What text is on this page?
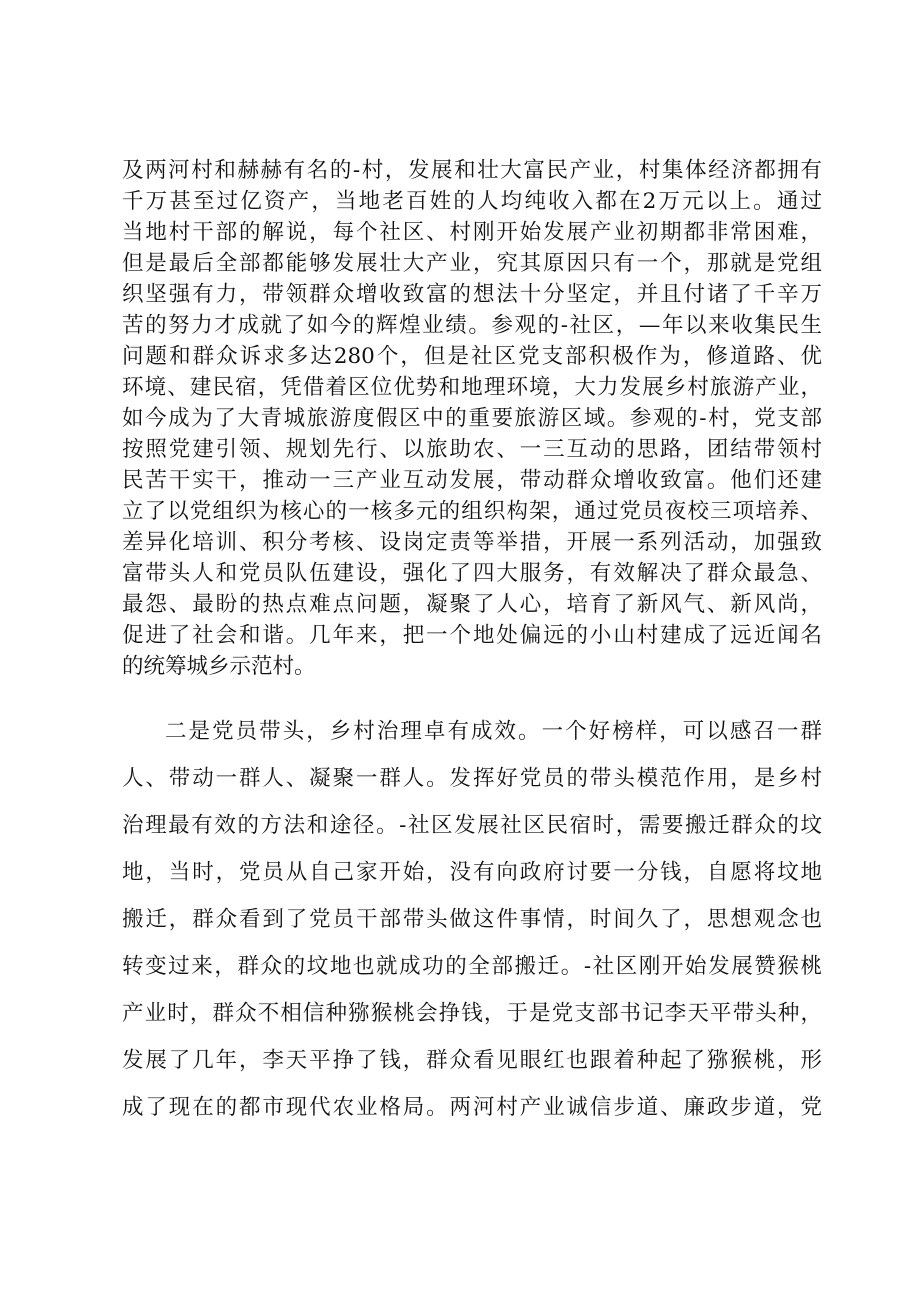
及两河村和赫赫有名的-村，发展和壮大富民产业，村集体经济都拥有
千万甚至过亿资产，当地老百姓的人均纯收入都在2万元以上。通过
当地村干部的解说，每个社区、村刚开始发展产业初期都非常困难，
但是最后全部都能够发展壮大产业，究其原因只有一个，那就是党组
织坚强有力，带领群众增收致富的想法十分坚定，并且付诸了千辛万
苦的努力才成就了如今的辉煌业绩。参观的-社区，—年以来收集民生
问题和群众诉求多达280个，但是社区党支部积极作为，修道路、优
环境、建民宿，凭借着区位优势和地理环境，大力发展乡村旅游产业，
如今成为了大青城旅游度假区中的重要旅游区域。参观的-村，党支部
按照党建引领、规划先行、以旅助农、一三互动的思路，团结带领村
民苦干实干，推动一三产业互动发展，带动群众增收致富。他们还建
立了以党组织为核心的一核多元的组织构架，通过党员夜校三项培养、
差异化培训、积分考核、设岗定责等举措，开展一系列活动，加强致
富带头人和党员队伍建设，强化了四大服务，有效解决了群众最急、
最怨、最盼的热点难点问题，凝聚了人心，培育了新风气、新风尚，
促进了社会和谐。几年来，把一个地处偏远的小山村建成了远近闻名
的统筹城乡示范村。
二是党员带头，乡村治理卓有成效。一个好榜样，可以感召一群
人、带动一群人、凝聚一群人。发挥好党员的带头模范作用，是乡村
治理最有效的方法和途径。-社区发展社区民宿时，需要搬迁群众的坟
地，当时，党员从自己家开始，没有向政府讨要一分钱，自愿将坟地
搬迁，群众看到了党员干部带头做这件事情，时间久了，思想观念也
转变过来，群众的坟地也就成功的全部搬迁。-社区刚开始发展赞猴桃
产业时，群众不相信种猕猴桃会挣钱，于是党支部书记李天平带头种，
发展了几年，李天平挣了钱，群众看见眼红也跟着种起了猕猴桃，形
成了现在的都市现代农业格局。两河村产业诚信步道、廉政步道，党
